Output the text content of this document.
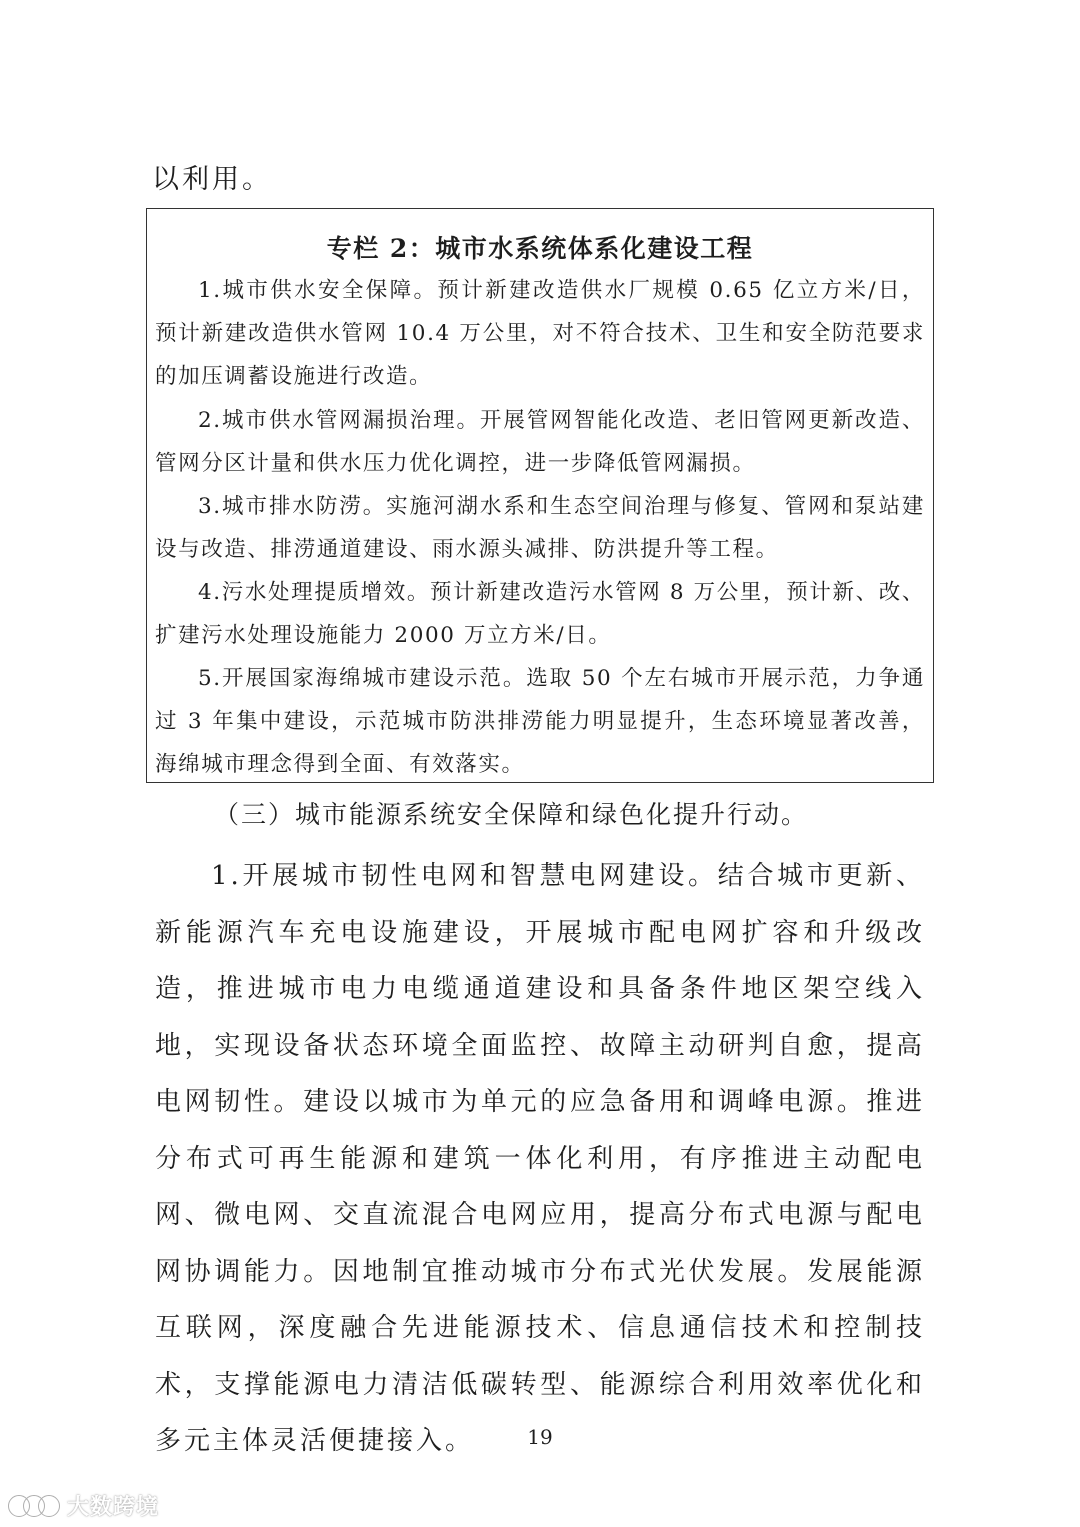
以利用。
专栏 2：城市水系统体系化建设工程
1.城市供水安全保障。预计新建改造供水厂规模 0.65 亿立方米/日，预计新建改造供水管网 10.4 万公里，对不符合技术、卫生和安全防范要求的加压调蓄设施进行改造。
2.城市供水管网漏损治理。开展管网智能化改造、老旧管网更新改造、管网分区计量和供水压力优化调控，进一步降低管网漏损。
3.城市排水防涝。实施河湖水系和生态空间治理与修复、管网和泵站建设与改造、排涝通道建设、雨水源头减排、防洪提升等工程。
4.污水处理提质增效。预计新建改造污水管网 8 万公里，预计新、改、扩建污水处理设施能力 2000 万立方米/日。
5.开展国家海绵城市建设示范。选取 50 个左右城市开展示范，力争通过 3 年集中建设，示范城市防洪排涝能力明显提升，生态环境显著改善，海绵城市理念得到全面、有效落实。
（三）城市能源系统安全保障和绿色化提升行动。
1.开展城市韧性电网和智慧电网建设。结合城市更新、新能源汽车充电设施建设，开展城市配电网扩容和升级改造，推进城市电力电缆通道建设和具备条件地区架空线入地，实现设备状态环境全面监控、故障主动研判自愈，提高电网韧性。建设以城市为单元的应急备用和调峰电源。推进分布式可再生能源和建筑一体化利用，有序推进主动配电网、微电网、交直流混合电网应用，提高分布式电源与配电网协调能力。因地制宜推动城市分布式光伏发展。发展能源互联网，深度融合先进能源技术、信息通信技术和控制技术，支撑能源电力清洁低碳转型、能源综合利用效率优化和多元主体灵活便捷接入。	19
大数跨境
